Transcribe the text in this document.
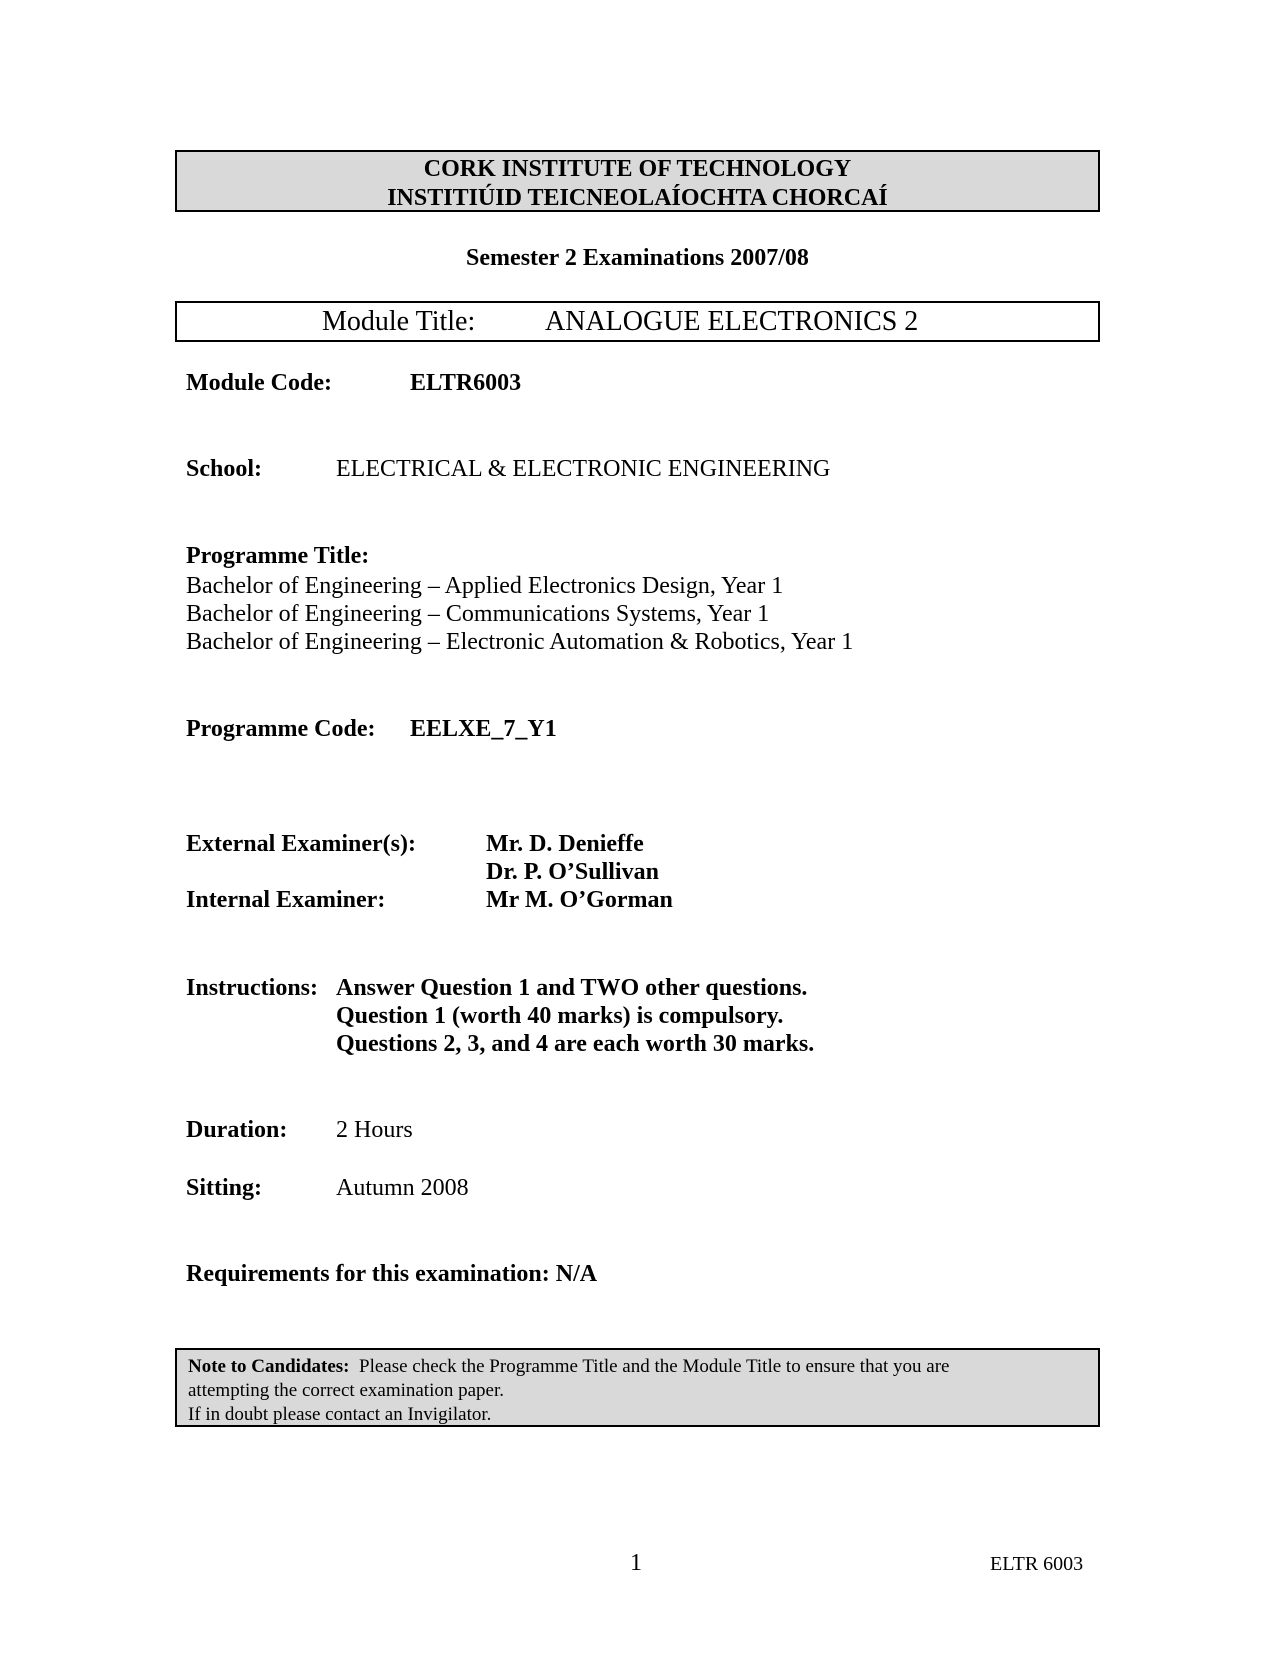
CORK INSTITUTE OF TECHNOLOGY
INSTITIÚID TEICNEOLAÍOCHTA CHORCAÍ
Semester 2 Examinations 2007/08
Module Title: ANALOGUE ELECTRONICS 2
Module Code:	ELTR6003
School:	ELECTRICAL & ELECTRONIC ENGINEERING
Programme Title:
Bachelor of Engineering – Applied Electronics Design, Year 1
Bachelor of Engineering – Communications Systems, Year 1
Bachelor of Engineering – Electronic Automation & Robotics, Year 1
Programme Code: EELXE_7_Y1
External Examiner(s):	Mr. D. Denieffe
Dr. P. O’Sullivan
Internal Examiner:	Mr M. O’Gorman
Instructions: Answer Question 1 and TWO other questions.
Question 1 (worth 40 marks) is compulsory.
Questions 2, 3, and 4 are each worth 30 marks.
Duration: 2 Hours
Sitting:	Autumn 2008
Requirements for this examination: N/A
Note to Candidates: Please check the Programme Title and the Module Title to ensure that you are
attempting the correct examination paper.
If in doubt please contact an Invigilator.
1	ELTR 6003
